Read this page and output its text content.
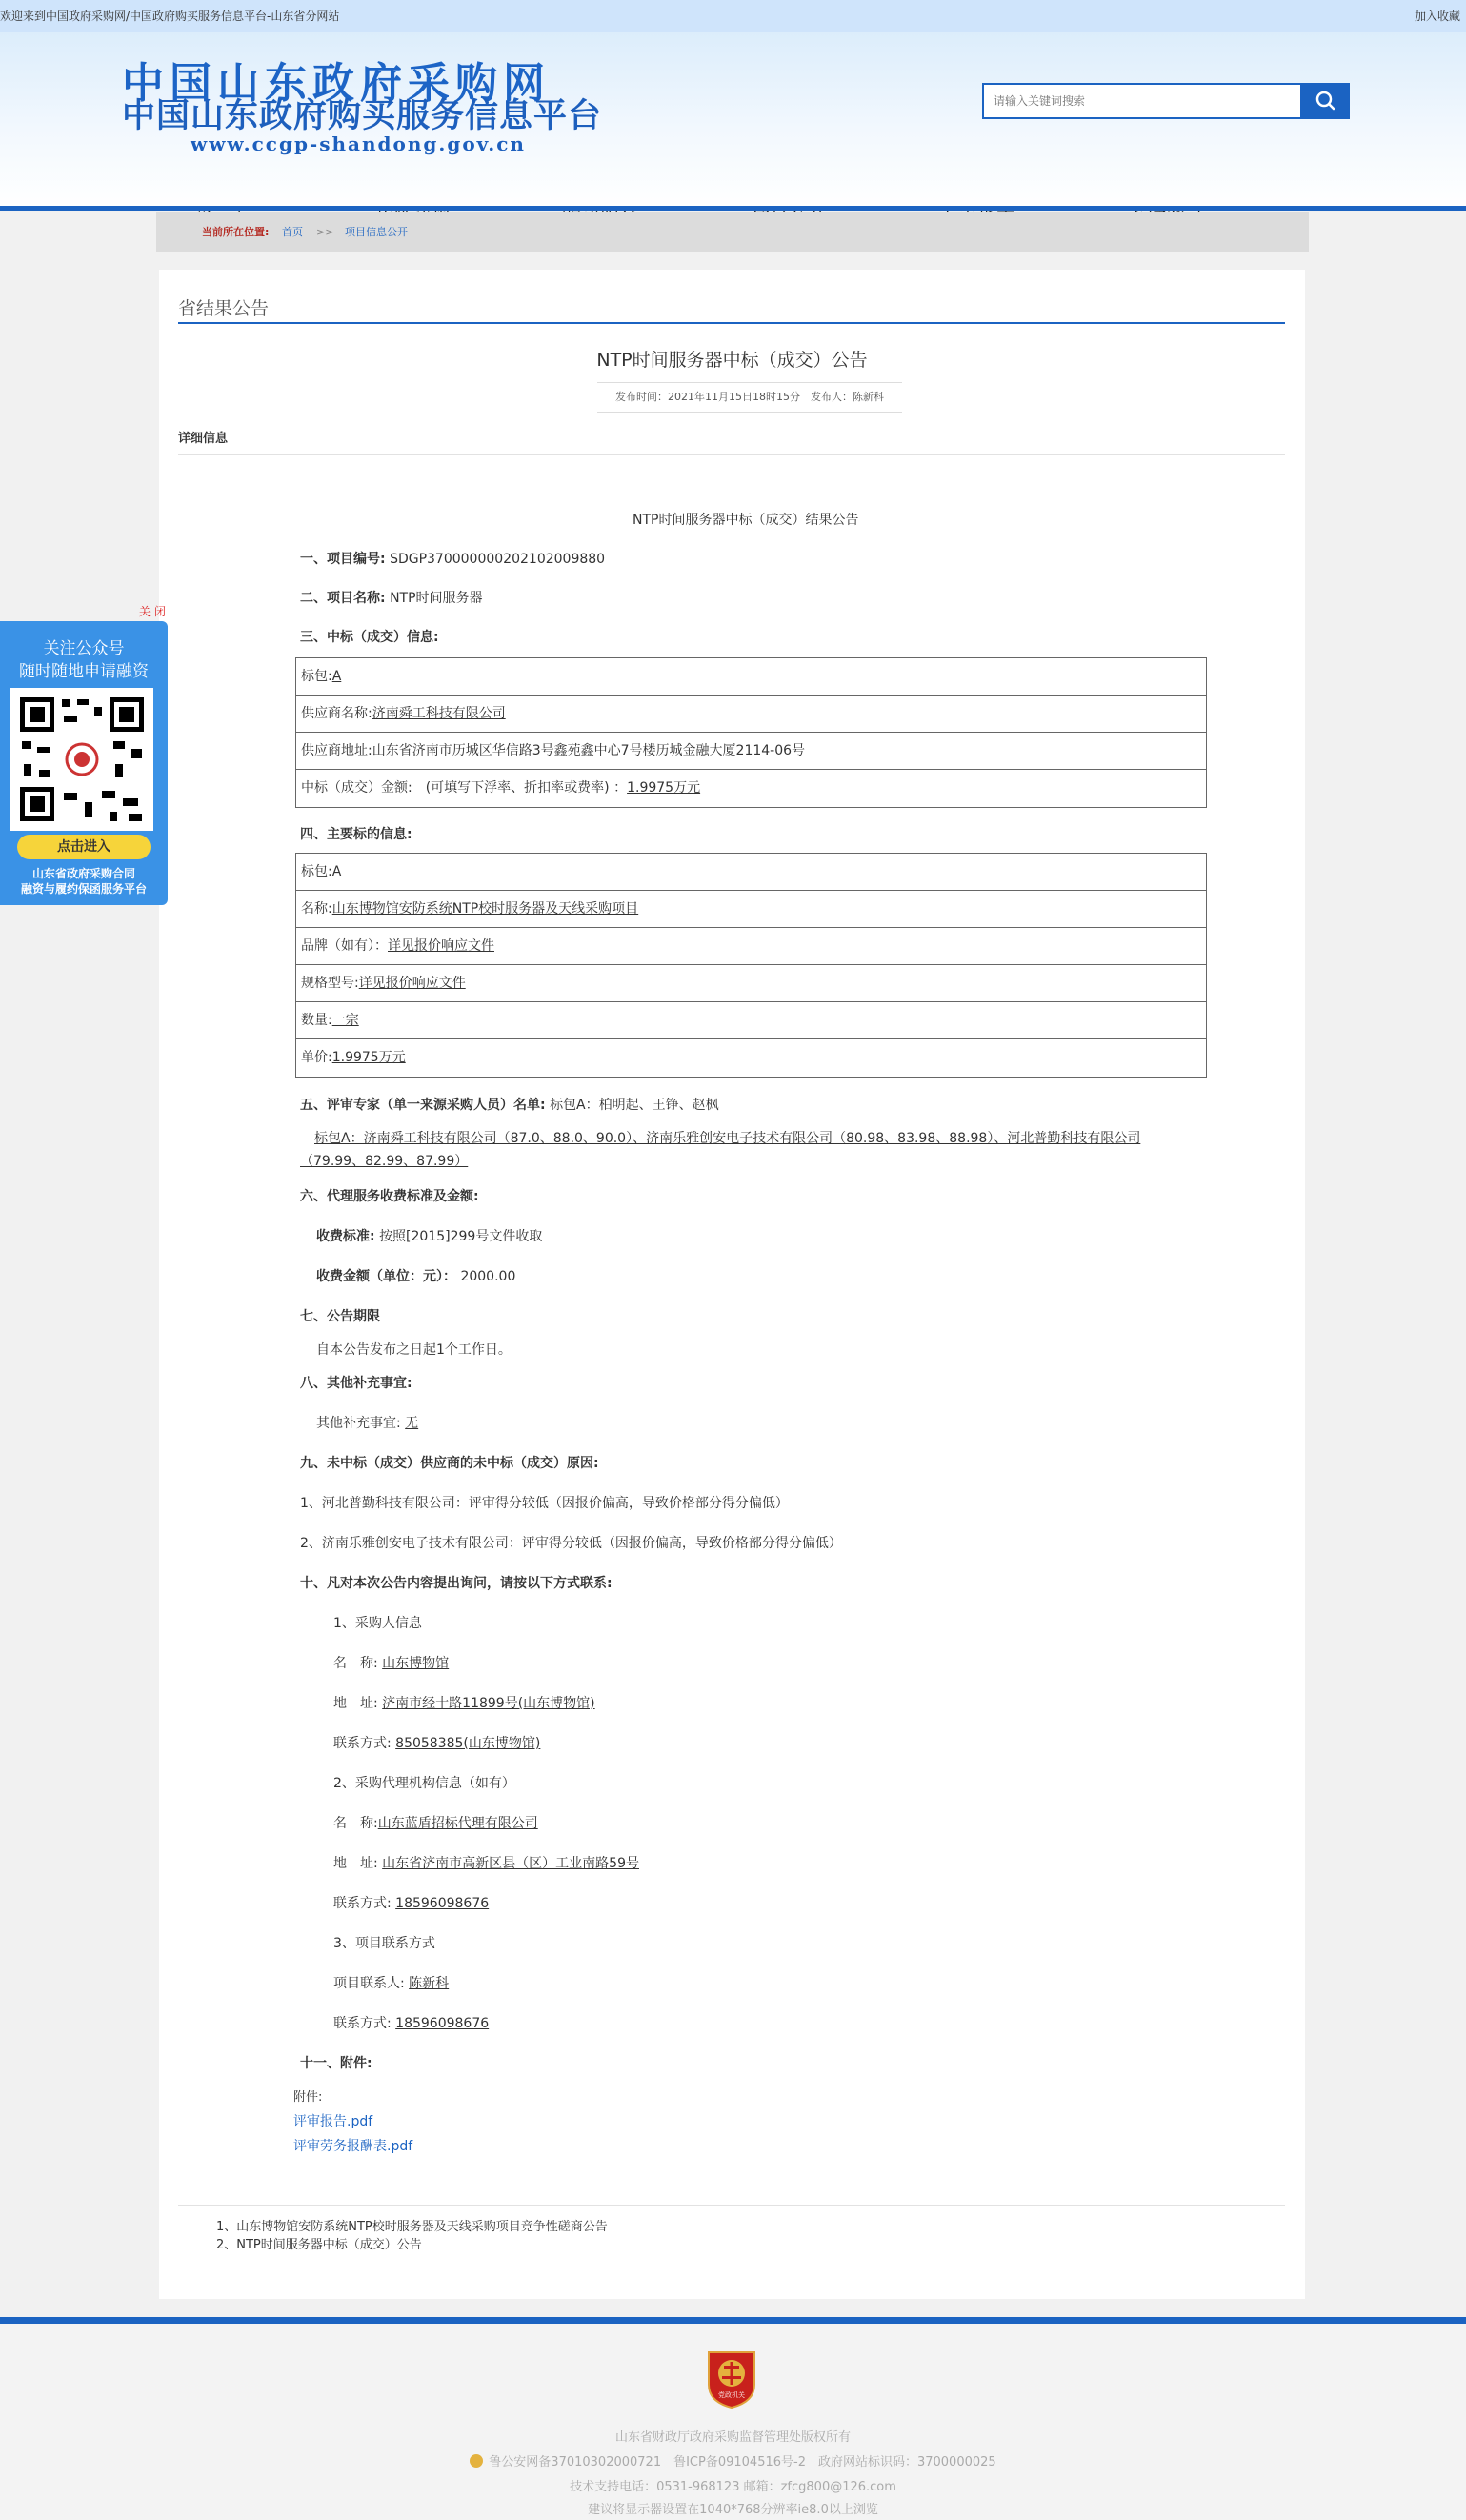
欢迎来到中国政府采购网/中国政府购买服务信息平台-山东省分网站	加入收藏
中国山东政府采购网
中国山东政府购买服务信息平台
www.ccgp-shandong.gov.cn
请输入关键词搜索
当前所在位置: 首页 >> 项目信息公开
省结果公告
NTP时间服务器中标（成交）公告
发布时间：2021年11月15日18时15分　发布人：陈新科
详细信息
NTP时间服务器中标（成交）结果公告
一、项目编号: SDGP370000000202102009880
二、项目名称: NTP时间服务器
三、中标（成交）信息:
标包:A
供应商名称:济南舜工科技有限公司
供应商地址:山东省济南市历城区华信路3号鑫苑鑫中心7号楼历城金融大厦2114-06号
中标（成交）金额:　(可填写下浮率、折扣率或费率) ：1.9975万元
四、主要标的信息:
标包:A
名称:山东博物馆安防系统NTP校时服务器及天线采购项目
品牌（如有）：详见报价响应文件
规格型号:详见报价响应文件
数量:一宗
单价:1.9975万元
五、评审专家（单一来源采购人员）名单: 标包A：柏明起、王铮、赵枫
标包A：济南舜工科技有限公司（87.0、88.0、90.0）、济南乐雅创安电子技术有限公司（80.98、83.98、88.98）、河北普勤科技有限公司
（79.99、82.99、87.99）
六、代理服务收费标准及金额:
收费标准: 按照[2015]299号文件收取
收费金额（单位：元）： 2000.00
七、公告期限
自本公告发布之日起1个工作日。
八、其他补充事宜:
其他补充事宜: 无
九、未中标（成交）供应商的未中标（成交）原因:
1、河北普勤科技有限公司：评审得分较低（因报价偏高，导致价格部分得分偏低）
2、济南乐雅创安电子技术有限公司：评审得分较低（因报价偏高，导致价格部分得分偏低）
十、凡对本次公告内容提出询问，请按以下方式联系:
1、采购人信息
名　称: 山东博物馆
地　址: 济南市经十路11899号(山东博物馆)
联系方式: 85058385(山东博物馆)
2、采购代理机构信息（如有）
名　称:山东蓝盾招标代理有限公司
地　址: 山东省济南市高新区县（区）工业南路59号
联系方式: 18596098676
3、项目联系方式
项目联系人: 陈新科
联系方式: 18596098676
十一、附件:
附件:
评审报告.pdf
评审劳务报酬表.pdf
1、山东博物馆安防系统NTP校时服务器及天线采购项目竞争性磋商公告
2、NTP时间服务器中标（成交）公告
关 闭
关注公众号
随时随地申请融资
点击进入
山东省政府采购合同
融资与履约保函服务平台
党政机关
山东省财政厅政府采购监督管理处版权所有
鲁公安网备37010302000721　鲁ICP备09104516号-2　政府网站标识码：3700000025
技术支持电话：0531-968123 邮箱：zfcg800@126.com
建议将显示器设置在1040*768分辨率ie8.0以上浏览
